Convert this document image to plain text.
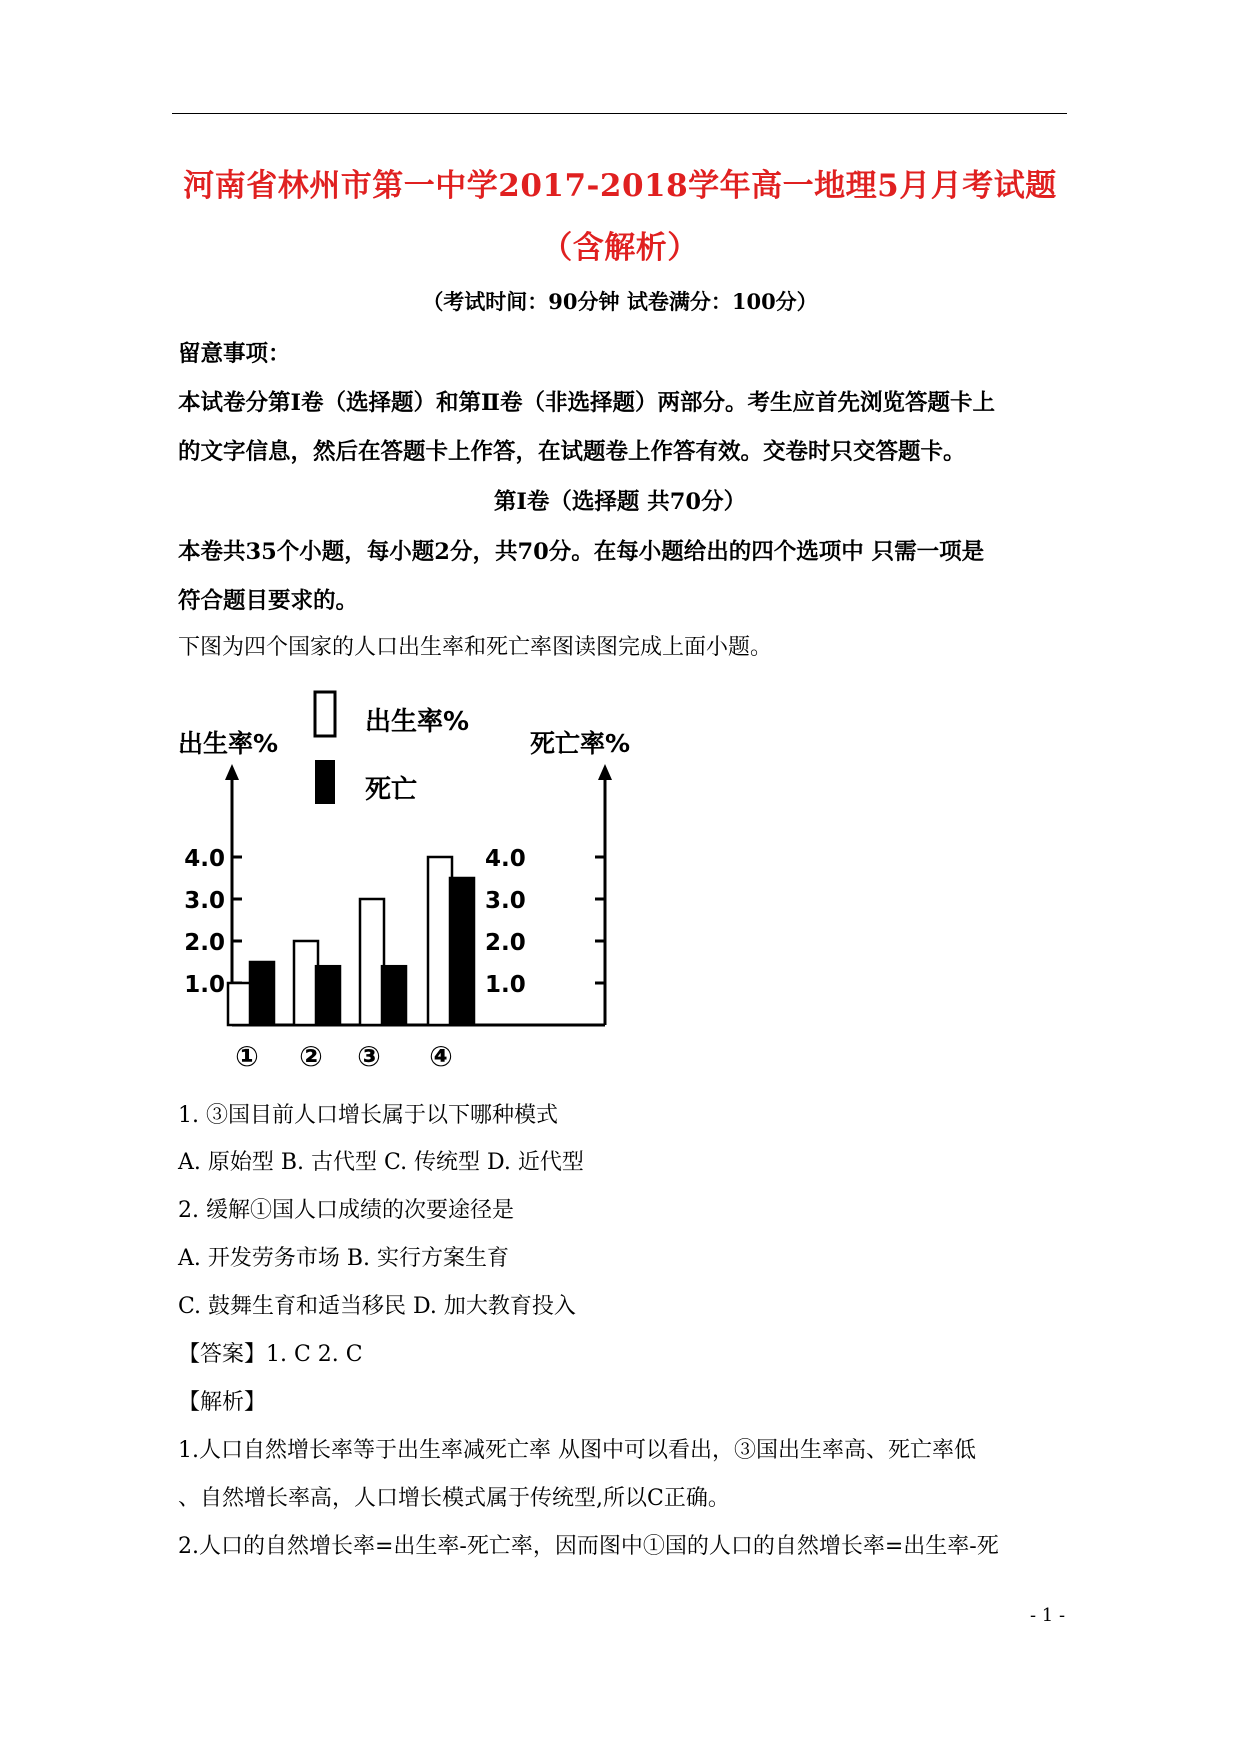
河南省林州市第一中学2017-2018学年高一地理5月月考试题
（含解析）
（考试时间：90分钟 试卷满分：100分）
留意事项：
本试卷分第Ⅰ卷（选择题）和第Ⅱ卷（非选择题）两部分。考生应首先浏览答题卡上
的文字信息，然后在答题卡上作答，在试题卷上作答有效。交卷时只交答题卡。
第Ⅰ卷（选择题 共70分）
本卷共35个小题，每小题2分，共70分。在每小题给出的四个选项中 只需一项是
符合题目要求的。
下图为四个国家的人口出生率和死亡率图读图完成上面小题。
出生率%
死亡
出生率%	死亡率%
1.0	1.0
2.0	2.0
3.0	3.0
4.0	4.0
① ② ③ ④
1. ③国目前人口增长属于以下哪种模式
A. 原始型 B. 古代型 C. 传统型 D. 近代型
2. 缓解①国人口成绩的次要途径是
A. 开发劳务市场 B. 实行方案生育
C. 鼓舞生育和适当移民 D. 加大教育投入
【答案】1. C 2. C
【解析】
1.人口自然增长率等于出生率减死亡率 从图中可以看出，③国出生率高、死亡率低
、自然增长率高，人口增长模式属于传统型,所以C正确。
2.人口的自然增长率=出生率-死亡率，因而图中①国的人口的自然增长率=出生率-死
- 1 -
